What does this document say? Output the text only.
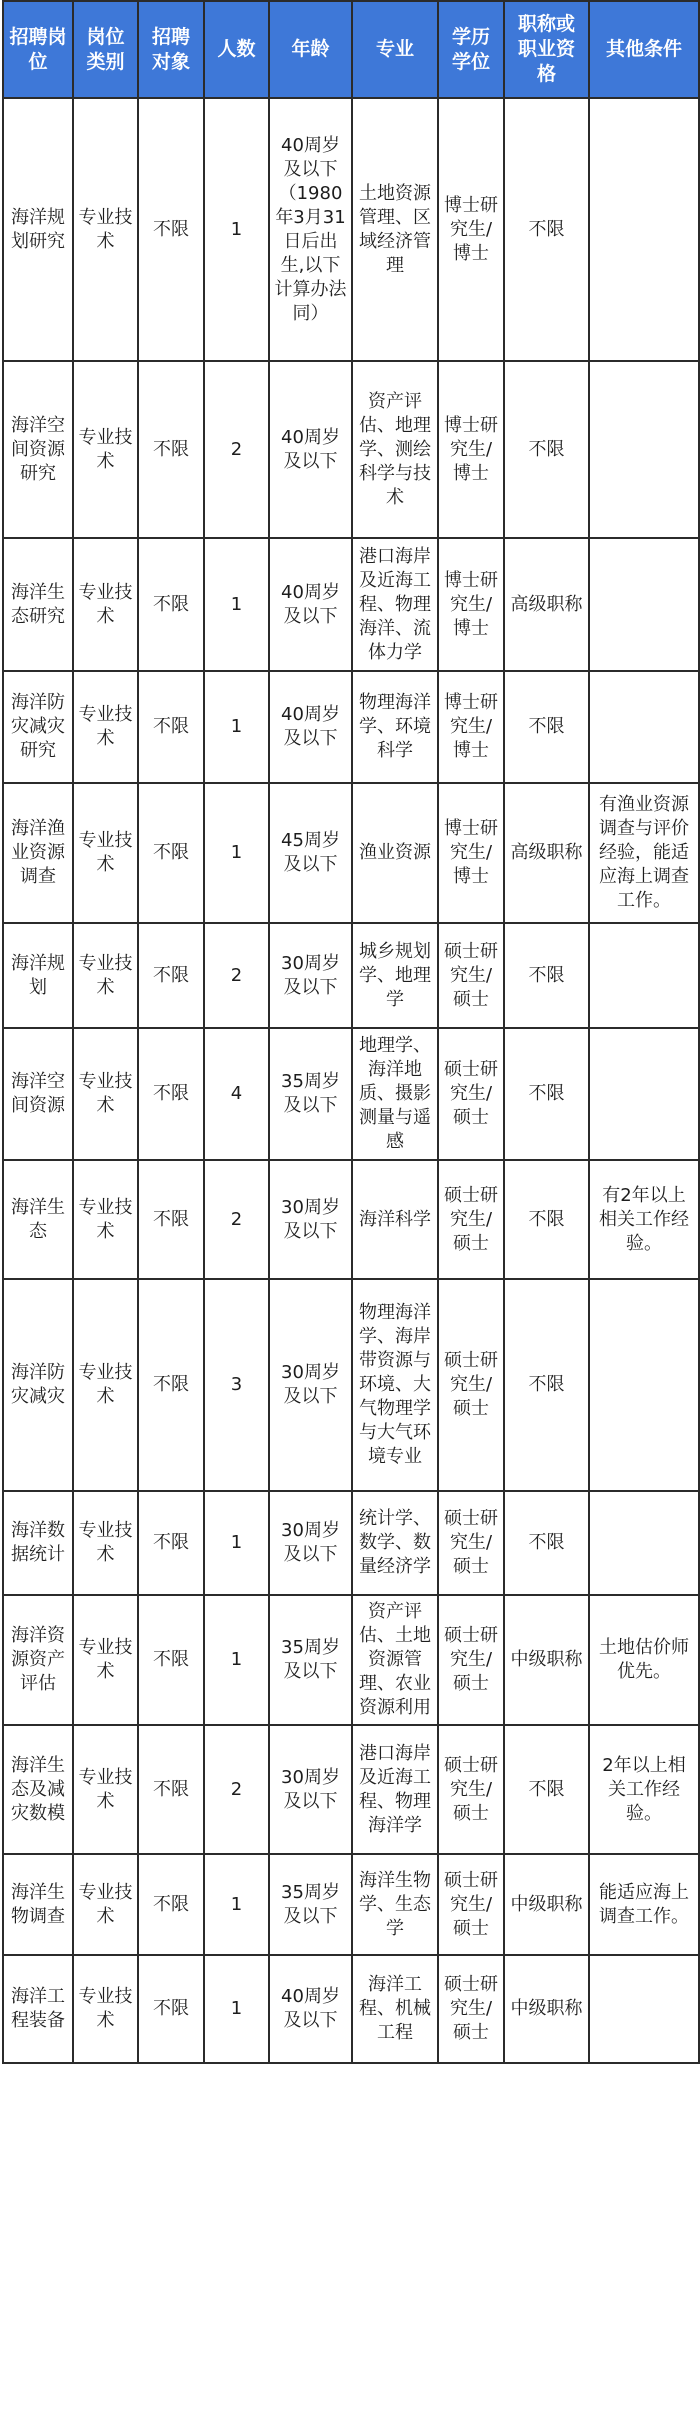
招聘岗位	岗位类别	招聘对象	人数	年龄	专业	学历学位	职称或职业资格	其他条件
海洋规划研究	专业技术	不限	1	40周岁及以下（1980年3月31日后出生,以下计算办法同）	土地资源管理、区域经济管理	博士研究生/博士	不限	
海洋空间资源研究	专业技术	不限	2	40周岁及以下	资产评估、地理学、测绘科学与技术	博士研究生/博士	不限	
海洋生态研究	专业技术	不限	1	40周岁及以下	港口海岸及近海工程、物理海洋、流体力学	博士研究生/博士	高级职称	
海洋防灾减灾研究	专业技术	不限	1	40周岁及以下	物理海洋学、环境科学	博士研究生/博士	不限	
海洋渔业资源调查	专业技术	不限	1	45周岁及以下	渔业资源	博士研究生/博士	高级职称	有渔业资源调查与评价经验，能适应海上调查工作。
海洋规划	专业技术	不限	2	30周岁及以下	城乡规划学、地理学	硕士研究生/硕士	不限	
海洋空间资源	专业技术	不限	4	35周岁及以下	地理学、海洋地质、摄影测量与遥感	硕士研究生/硕士	不限	
海洋生态	专业技术	不限	2	30周岁及以下	海洋科学	硕士研究生/硕士	不限	有2年以上相关工作经验。
海洋防灾减灾	专业技术	不限	3	30周岁及以下	物理海洋学、海岸带资源与环境、大气物理学与大气环境专业	硕士研究生/硕士	不限	
海洋数据统计	专业技术	不限	1	30周岁及以下	统计学、数学、数量经济学	硕士研究生/硕士	不限	
海洋资源资产评估	专业技术	不限	1	35周岁及以下	资产评估、土地资源管理、农业资源利用	硕士研究生/硕士	中级职称	土地估价师优先。
海洋生态及减灾数模	专业技术	不限	2	30周岁及以下	港口海岸及近海工程、物理海洋学	硕士研究生/硕士	不限	2年以上相关工作经验。
海洋生物调查	专业技术	不限	1	35周岁及以下	海洋生物学、生态学	硕士研究生/硕士	中级职称	能适应海上调查工作。
海洋工程装备	专业技术	不限	1	40周岁及以下	海洋工程、机械工程	硕士研究生/硕士	中级职称	
